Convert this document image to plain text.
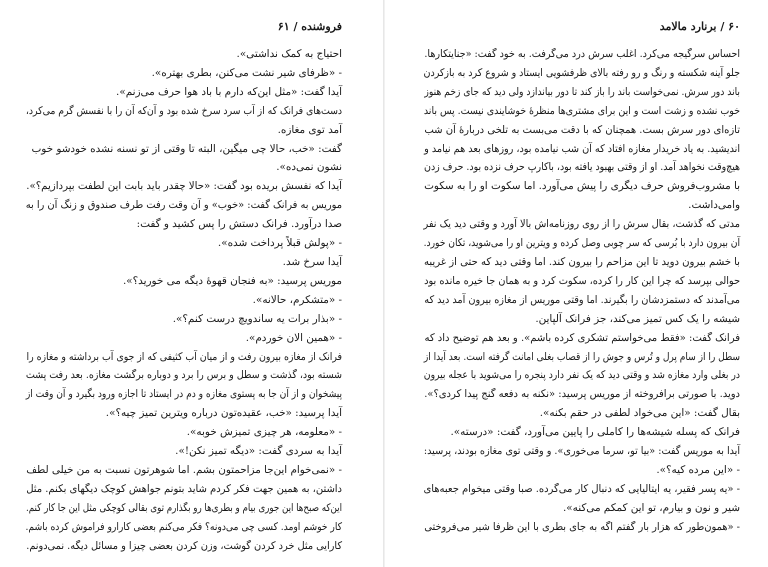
فروشنده / ۶۱
احتیاج به کمک نداشتی».
- «ظرفای شیر نشت می‌کنن، بطری بهتره».
آیدا گفت: «مثل این‌که دارم با باد هوا حرف می‌زنم».
دست‌های فرانک که از آب سرد سرخ شده بود و آن‌که آن را با نفسش گرم می‌کرد،
آمد توی مغازه.
گفت: «خب، حالا چی میگین، البته تا وقتی از تو نسنه نشده خودشو خوب
نشون نمی‌ده».
آیدا که نفسش بریده بود گفت: «حالا چقدر باید بابت این لطفت بپردازیم؟».
موریس به فرانک گفت: «خوب» و آن وقت رفت طرف صندوق و زنگ آن را به
صدا درآورد. فرانک دستش را پس کشید و گفت:
- «پولش قبلاً پرداخت شده».
آیدا سرخ شد.
موریس پرسید: «به فنجان قهوهٔ دیگه می خورید؟».
- «متشکرم، حالانه».
- «بذار برات یه ساندویچ درست کنم؟».
- «همین الان خوردم».
فرانک از مغازه بیرون رفت و از میان آب کثیفی که از جوی آب برداشته و مغازه را
شسته بود، گذشت و سطل و برس را برد و دوباره برگشت مغازه. بعد رفت پشت
پیشخوان و از آن جا به پستوی مغازه و دم در ایستاد تا اجازه ورود بگیرد و آن وقت از
آیدا پرسید: «خب، عقیده‌تون درباره ویترین تمیز چیه؟».
- «معلومه، هر چیزی تمیزش خوبه».
آیدا به سردی گفت: «دیگه تمیز نکن!».
- «نمی‌خوام این‌جا مزاحمتون بشم. اما شوهرتون نسبت به من خیلی لطف
داشتن، به همین جهت فکر کردم شاید بتونم جواهش کوچک دیگهای بکنم. مثل
این‌که صبح‌ها این جوری بیام و بطری‌ها رو بگذارم توی بقالی کوچکی مثل این جا کار کنم.
کار خوشم اومد. کسی چی می‌دونه؟ فکر می‌کنم بعضی کارارو فراموش کرده باشم.
کارایی مثل خرد کردن گوشت، وزن کردن بعضی چیزا و مسائل دیگه. نمی‌دونم.
۶۰ / برنارد مالامد
احساس سرگیجه می‌کرد. اغلب سرش درد می‌گرفت. به خود گفت: «جنایتکارها.
جلو آینه شکسته و رنگ و رو رفته بالای ظرفشویی ایستاد و شروع کرد به بازکردن
باند دور سرش. نمی‌خواست باند را باز کند تا دور بیاندازد ولی دید که جای زخم هنوز
خوب نشده و زشت است و این برای مشتری‌ها منظرهٔ خوشایندی نیست. پس باند
تازه‌ای دور سرش بست. همچنان که با دقت می‌بست به تلخی دربارهٔ آن شب
اندیشید. به یاد خریدار مغازه افتاد که آن شب نیامده بود، روزهای بعد هم نیامد و
هیچ‌وقت نخواهد آمد. او از وقتی بهبود یافته بود، باکارپ حرف نزده بود. حرف زدن
با مشروب‌فروش حرف دیگری را پیش می‌آورد. اما سکوت او را به سکوت
وامی‌داشت.
مدتی که گذشت، بقال سرش را از روی روزنامه‌اش بالا آورد و وقتی دید یک نفر
آن بیرون دارد با بُرسی که سر چوبی وصل کرده و ویترین او را می‌شوید، تکان خورد.
با خشم بیرون دوید تا این مزاحم را بیرون کند. اما وقتی دید که حتی از غریبه
حوالی بپرسد که چرا این کار را کرده، سکوت کرد و به همان جا خیره مانده بود
می‌آمدند که دستمزدشان را بگیرند. اما وقتی موریس از مغازه بیرون آمد دید که
شیشه را یک کس تمیز می‌کند، جز فرانک آلپاین.
فرانک گفت: «فقط می‌خواستم تشکری کرده باشم». و بعد هم توضیح داد که
سطل را از سام پرل و تُرس و جوش را از قصاب بغلی امانت گرفته است. بعد آیدا از
در بغلی وارد مغازه شد و وقتی دید که یک نفر دارد پنجره را می‌شوید با عجله بیرون
دوید. با صورتی برافروخته از موریس پرسید: «نکنه به دفعه گنج پیدا کردی؟».
بقال گفت: «این می‌خواد لطفی در حقم بکنه».
فرانک که پسله شیشه‌ها را کاملی را پایین می‌آورد، گفت: «درسته».
آیدا به موریس گفت: «بیا تو، سرما می‌خوری». و وقتی توی مغازه بودند، پرسید:
- «این مرده کیه؟».
- «یه پسر فقیر، یه ایتالیایی که دنبال کار می‌گرده. صبا وقتی میخوام جعبه‌های
شیر و نون و بیارم، تو این کمکم می‌کنه».
- «همون‌طور که هزار بار گفتم اگه به جای بطری با این ظرفا شیر می‌فروختی
